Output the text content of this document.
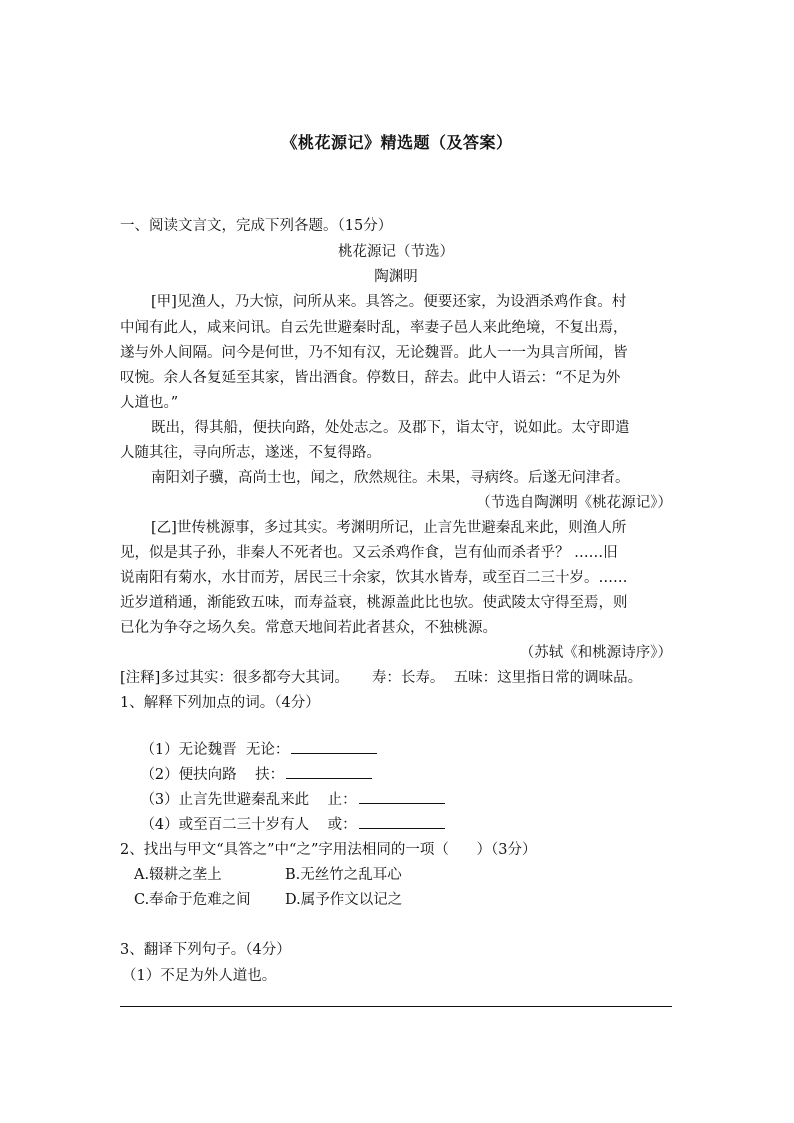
《桃花源记》精选题（及答案）
一、阅读文言文，完成下列各题。（15分）
桃花源记（节选）
陶渊明
[甲]见渔人，乃大惊，问所从来。具答之。便要还家，为设酒杀鸡作食。村
中闻有此人，咸来问讯。自云先世避秦时乱，率妻子邑人来此绝境，不复出焉，
遂与外人间隔。问今是何世，乃不知有汉，无论魏晋。此人一一为具言所闻，皆
叹惋。余人各复延至其家，皆出酒食。停数日，辞去。此中人语云：“不足为外
人道也。”
既出，得其船，便扶向路，处处志之。及郡下，诣太守，说如此。太守即遣
人随其往，寻向所志，遂迷，不复得路。
南阳刘子骥，高尚士也，闻之，欣然规往。未果，寻病终。后遂无问津者。
（节选自陶渊明《桃花源记》）
[乙]世传桃源事，多过其实。考渊明所记，止言先世避秦乱来此，则渔人所
见，似是其子孙，非秦人不死者也。又云杀鸡作食，岂有仙而杀者乎？ ……旧
说南阳有菊水，水甘而芳，居民三十余家，饮其水皆寿，或至百二三十岁。……
近岁道稍通，渐能致五味，而寿益衰，桃源盖此比也欤。使武陵太守得至焉，则
已化为争夺之场久矣。常意天地间若此者甚众，不独桃源。
（苏轼《和桃源诗序》）
[注释]多过其实：很多都夸大其词。     寿：长寿。  五味：这里指日常的调味品。
1、解释下列加点的词。（4分）

（1）无论魏晋  无论：

（2）便扶向路    扶：

（3）止言先世避秦乱来此    止：

（4）或至百二三十岁有人    或：

2、找出与甲文“具答之”中“之”字用法相同的一项（      ）（3分）
A.辍耕之垄上	B.无丝竹之乱耳心
C.奉命于危难之间 D.属予作文以记之
3、翻译下列句子。（4分）
（1）不足为外人道也。
